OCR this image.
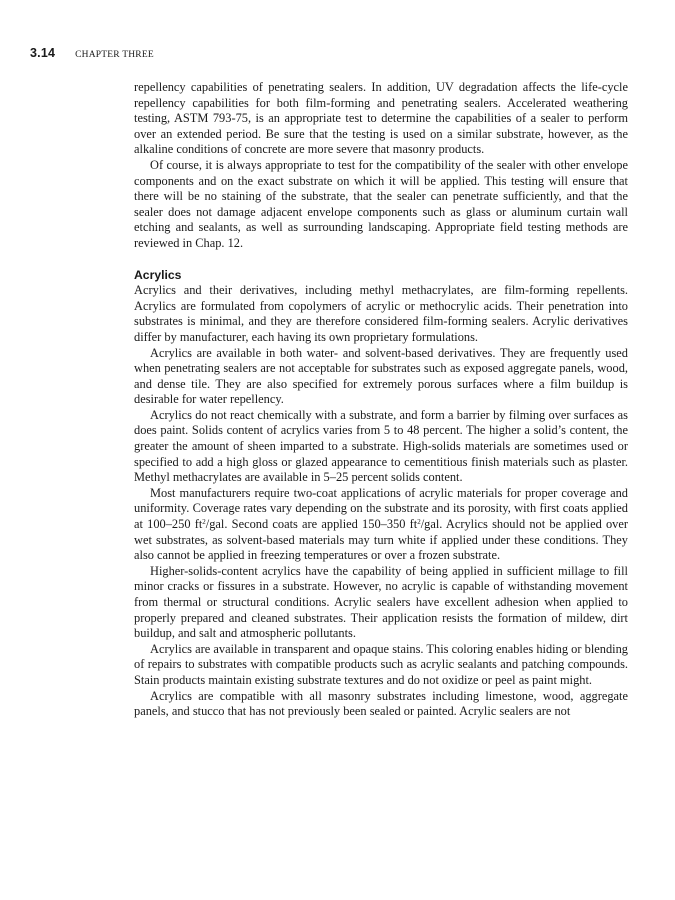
3.14 CHAPTER THREE

repellency capabilities of penetrating sealers. In addition, UV degradation affects the life-cycle repellency capabilities for both film-forming and penetrating sealers. Accelerated weathering testing, ASTM 793-75, is an appropriate test to determine the capabilities of a sealer to perform over an extended period. Be sure that the testing is used on a similar substrate, however, as the alkaline conditions of concrete are more severe that masonry products.

Of course, it is always appropriate to test for the compatibility of the sealer with other envelope components and on the exact substrate on which it will be applied. This testing will ensure that there will be no staining of the substrate, that the sealer can penetrate sufficiently, and that the sealer does not damage adjacent envelope components such as glass or aluminum curtain wall etching and sealants, as well as surrounding landscaping. Appropriate field testing methods are reviewed in Chap. 12.

Acrylics

Acrylics and their derivatives, including methyl methacrylates, are film-forming repellents. Acrylics are formulated from copolymers of acrylic or methocrylic acids. Their penetration into substrates is minimal, and they are therefore considered film-forming sealers. Acrylic derivatives differ by manufacturer, each having its own proprietary formulations.

Acrylics are available in both water- and solvent-based derivatives. They are frequently used when penetrating sealers are not acceptable for substrates such as exposed aggregate panels, wood, and dense tile. They are also specified for extremely porous surfaces where a film buildup is desirable for water repellency.

Acrylics do not react chemically with a substrate, and form a barrier by filming over surfaces as does paint. Solids content of acrylics varies from 5 to 48 percent. The higher a solid’s content, the greater the amount of sheen imparted to a substrate. High-solids materials are sometimes used or specified to add a high gloss or glazed appearance to cementitious finish materials such as plaster. Methyl methacrylates are available in 5–25 percent solids content.

Most manufacturers require two-coat applications of acrylic materials for proper coverage and uniformity. Coverage rates vary depending on the substrate and its porosity, with first coats applied at 100–250 $ft^2$/gal. Second coats are applied 150–350 $ft^2$/gal. Acrylics should not be applied over wet substrates, as solvent-based materials may turn white if applied under these conditions. They also cannot be applied in freezing temperatures or over a frozen substrate.

Higher-solids-content acrylics have the capability of being applied in sufficient millage to fill minor cracks or fissures in a substrate. However, no acrylic is capable of withstanding movement from thermal or structural conditions. Acrylic sealers have excellent adhesion when applied to properly prepared and cleaned substrates. Their application resists the formation of mildew, dirt buildup, and salt and atmospheric pollutants.

Acrylics are available in transparent and opaque stains. This coloring enables hiding or blending of repairs to substrates with compatible products such as acrylic sealants and patching compounds. Stain products maintain existing substrate textures and do not oxidize or peel as paint might.

Acrylics are compatible with all masonry substrates including limestone, wood, aggregate panels, and stucco that has not previously been sealed or painted. Acrylic sealers are not
